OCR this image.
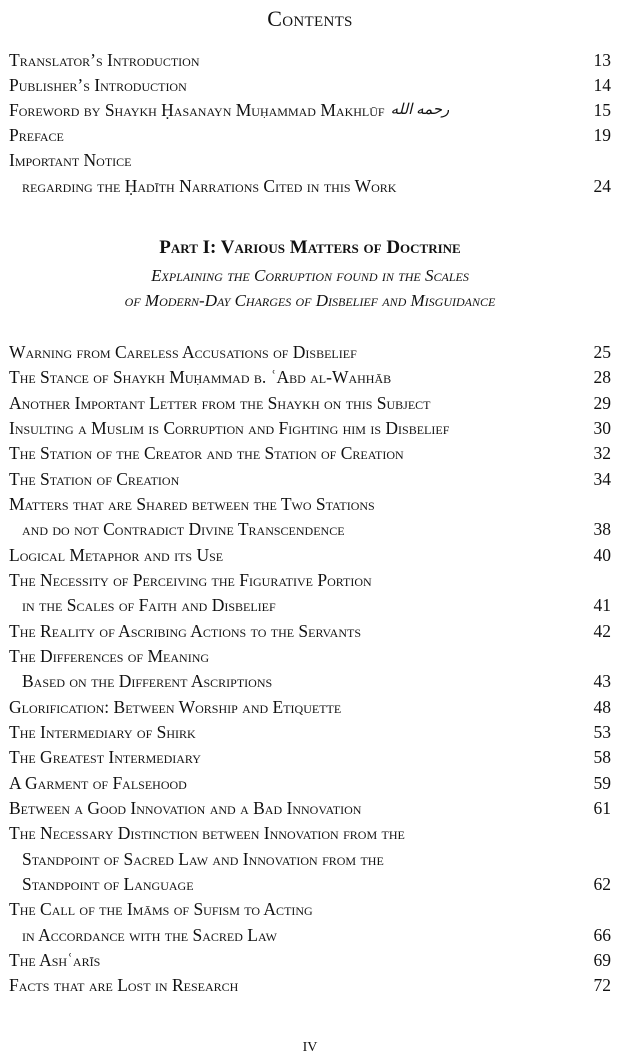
Contents
Translator’s Introduction	13
Publisher’s Introduction	14
Foreword by Shaykh Ḥasanayn Muḥammad Makhlūf رحمه الله	15
Preface	19
Important Notice
regarding the Ḥadīth Narrations Cited in this Work	24
Part I: Various Matters of Doctrine
Explaining the Corruption found in the Scales
of Modern-Day Charges of Disbelief and Misguidance
Warning from Careless Accusations of Disbelief	25
The Stance of Shaykh Muḥammad b. ʿAbd al-Wahhāb	28
Another Important Letter from the Shaykh on this Subject	29
Insulting a Muslim is Corruption and Fighting him is Disbelief	30
The Station of the Creator and the Station of Creation	32
The Station of Creation	34
Matters that are Shared between the Two Stations
and do not Contradict Divine Transcendence	38
Logical Metaphor and its Use	40
The Necessity of Perceiving the Figurative Portion
in the Scales of Faith and Disbelief	41
The Reality of Ascribing Actions to the Servants	42
The Differences of Meaning
Based on the Different Ascriptions	43
Glorification: Between Worship and Etiquette	48
The Intermediary of Shirk	53
The Greatest Intermediary	58
A Garment of Falsehood	59
Between a Good Innovation and a Bad Innovation	61
The Necessary Distinction between Innovation from the
Standpoint of Sacred Law and Innovation from the
Standpoint of Language	62
The Call of the Imāms of Sufism to Acting
in Accordance with the Sacred Law	66
The Ashʿarīs	69
Facts that are Lost in Research	72
IV
